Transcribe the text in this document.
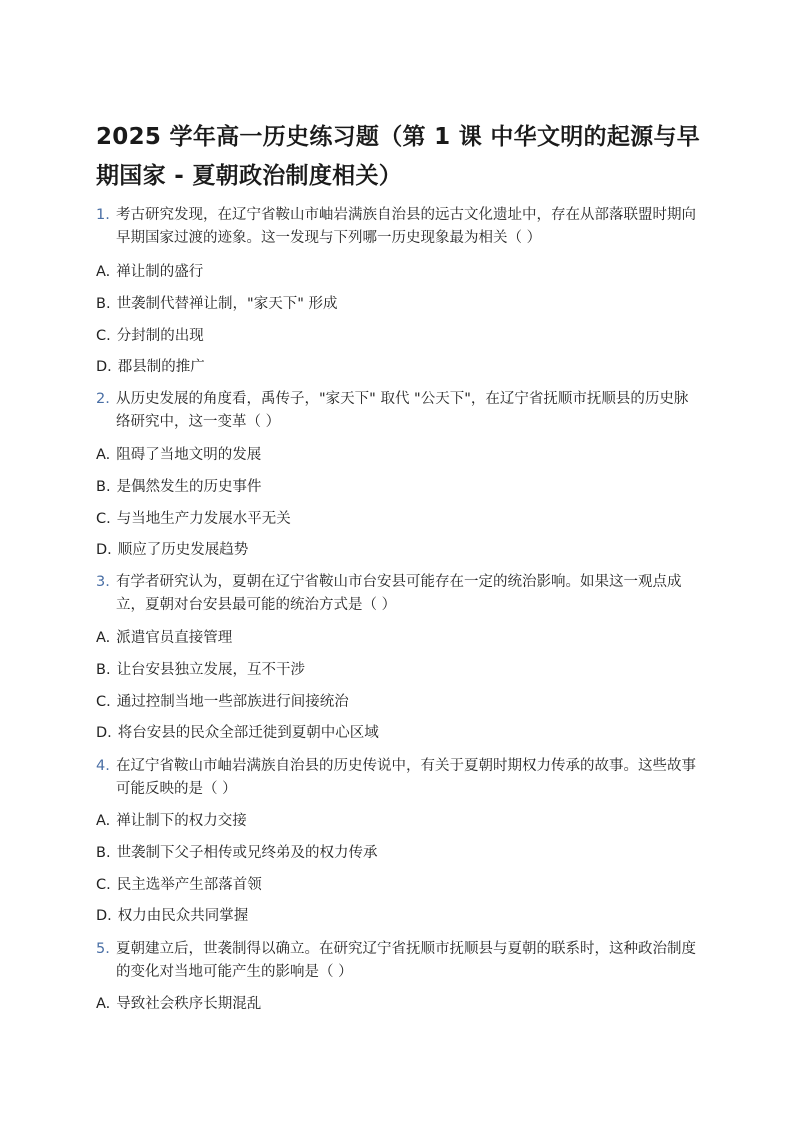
2025 学年高一历史练习题（第 1 课 中华文明的起源与早期国家 - 夏朝政治制度相关）
1. 考古研究发现，在辽宁省鞍山市岫岩满族自治县的远古文化遗址中，存在从部落联盟时期向早期国家过渡的迹象。这一发现与下列哪一历史现象最为相关（ ）
A. 禅让制的盛行
B. 世袭制代替禅让制，"家天下" 形成
C. 分封制的出现
D. 郡县制的推广
2. 从历史发展的角度看，禹传子，"家天下" 取代 "公天下"，在辽宁省抚顺市抚顺县的历史脉络研究中，这一变革（ ）
A. 阻碍了当地文明的发展
B. 是偶然发生的历史事件
C. 与当地生产力发展水平无关
D. 顺应了历史发展趋势
3. 有学者研究认为，夏朝在辽宁省鞍山市台安县可能存在一定的统治影响。如果这一观点成立，夏朝对台安县最可能的统治方式是（ ）
A. 派遣官员直接管理
B. 让台安县独立发展，互不干涉
C. 通过控制当地一些部族进行间接统治
D. 将台安县的民众全部迁徙到夏朝中心区域
4. 在辽宁省鞍山市岫岩满族自治县的历史传说中，有关于夏朝时期权力传承的故事。这些故事可能反映的是（ ）
A. 禅让制下的权力交接
B. 世袭制下父子相传或兄终弟及的权力传承
C. 民主选举产生部落首领
D. 权力由民众共同掌握
5. 夏朝建立后，世袭制得以确立。在研究辽宁省抚顺市抚顺县与夏朝的联系时，这种政治制度的变化对当地可能产生的影响是（ ）
A. 导致社会秩序长期混乱
